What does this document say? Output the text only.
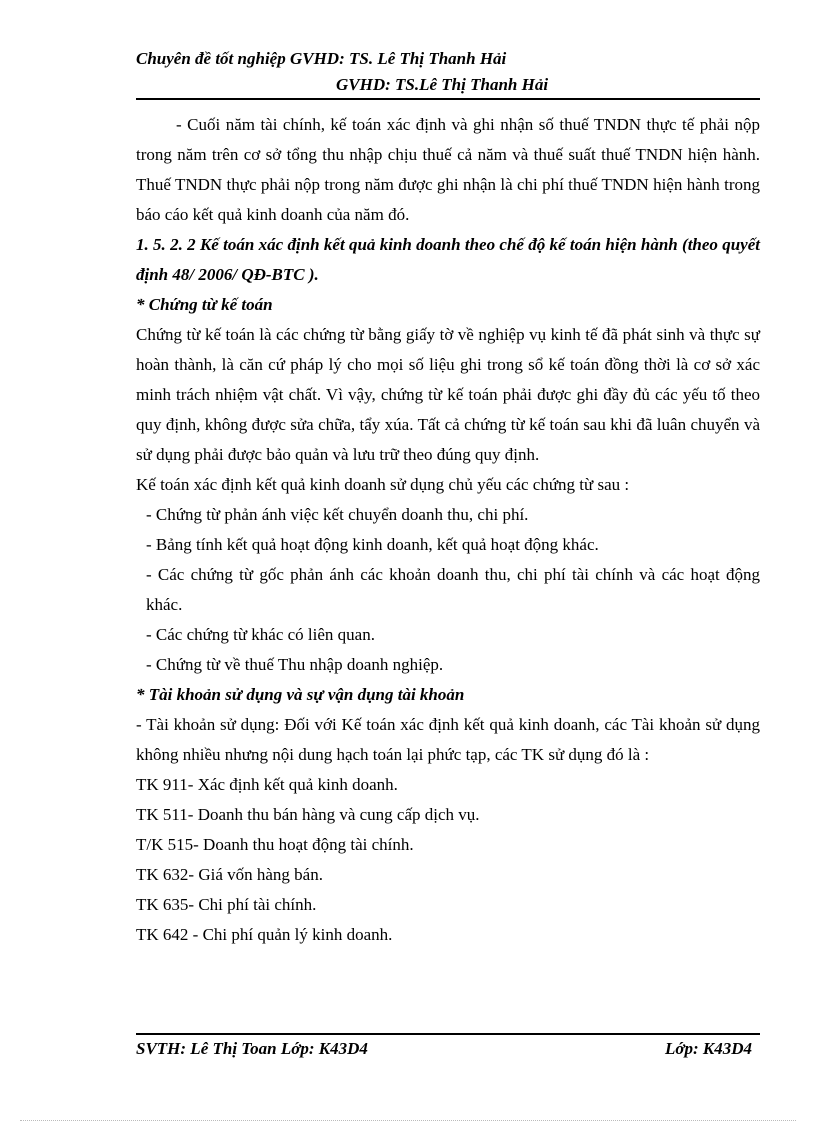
Chuyên đề tốt nghiệp GVHD: TS. Lê Thị Thanh Hải
GVHD: TS.Lê Thị Thanh Hải

- Cuối năm tài chính, kế toán xác định và ghi nhận số thuế TNDN thực tế phải nộp trong năm trên cơ sở tổng thu nhập chịu thuế cả năm và thuế suất thuế TNDN hiện hành. Thuế TNDN thực phải nộp trong năm được ghi nhận là chi phí thuế TNDN hiện hành trong báo cáo kết quả kinh doanh của năm đó.

1. 5. 2. 2 Kế toán xác định kết quả kinh doanh theo chế độ kế toán hiện hành (theo quyết định 48/ 2006/ QĐ-BTC ).

* Chứng từ kế toán

Chứng từ kế toán là các chứng từ bằng giấy tờ về nghiệp vụ kinh tế đã phát sinh và thực sự hoàn thành, là căn cứ pháp lý cho mọi số liệu ghi trong sổ kế toán đồng thời là cơ sở xác minh trách nhiệm vật chất. Vì vậy, chứng từ kế toán phải được ghi đầy đủ các yếu tố theo quy định, không được sửa chữa, tẩy xúa. Tất cả chứng từ kế toán sau khi đã luân chuyển và sử dụng phải được bảo quản và lưu trữ theo đúng quy định.

Kế toán xác định kết quả kinh doanh sử dụng chủ yếu các chứng từ sau :

- Chứng từ phản ánh việc kết chuyển doanh thu, chi phí.

- Bảng tính kết quả hoạt động kinh doanh, kết quả hoạt động khác.

- Các chứng từ gốc phản ánh các khoản doanh thu, chi phí tài chính và các hoạt động khác.

- Các chứng từ khác có liên quan.

- Chứng từ về thuế Thu nhập doanh nghiệp.

* Tài khoản sử dụng và sự vận dụng tài khoản

- Tài khoản sử dụng: Đối với Kế toán xác định kết quả kinh doanh, các Tài khoản sử dụng không nhiều nhưng nội dung hạch toán lại phức tạp, các TK sử dụng đó là :

TK 911- Xác định kết quả kinh doanh.

TK 511- Doanh thu bán hàng và cung cấp dịch vụ.

T/K 515- Doanh thu hoạt động tài chính.

TK 632- Giá vốn hàng bán.

TK 635- Chi phí tài chính.

TK 642 - Chi phí quản lý kinh doanh.

SVTH: Lê Thị Toan Lớp: K43D4	Lớp: K43D4
